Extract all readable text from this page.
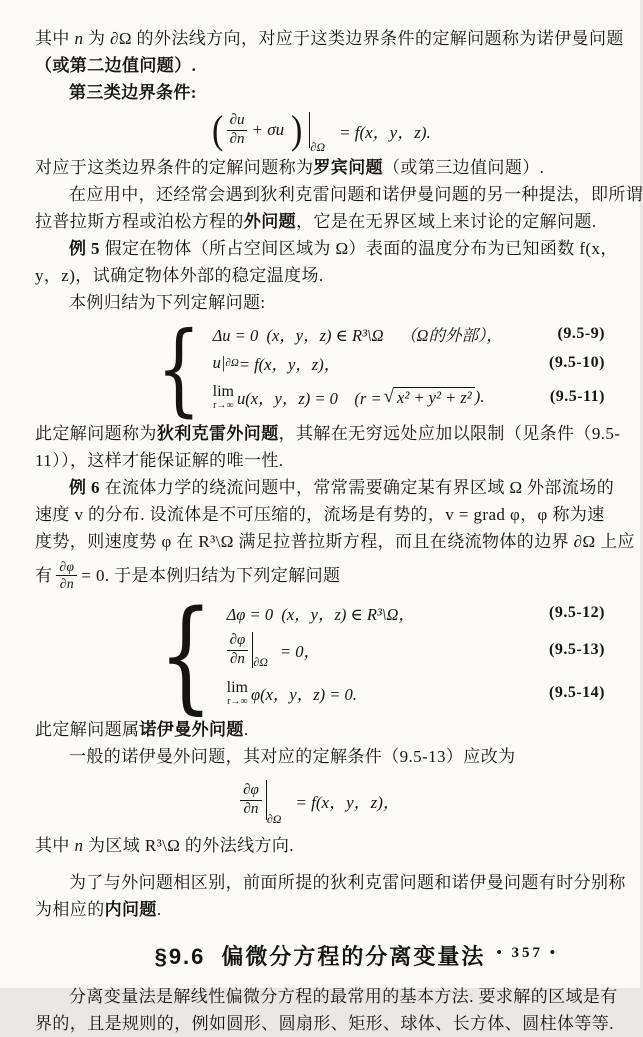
其中 n 为 ∂Ω 的外法线方向，对应于这类边界条件的定解问题称为诺伊曼问题
（或第二边值问题）.
第三类边界条件:
( $\frac{\partial u}{\partial n} + \sigma u$ ) ∂Ω
= f(x，y，z).
对应于这类边界条件的定解问题称为罗宾问题（或第三边值问题）.
在应用中，还经常会遇到狄利克雷问题和诺伊曼问题的另一种提法，即所谓
拉普拉斯方程或泊松方程的外问题，它是在无界区域上来讨论的定解问题.
例 5 假定在物体（所占空间区域为 Ω）表面的温度分布为已知函数 f(x，
y，z)，试确定物体外部的稳定温度场.
本例归结为下列定解问题:
{ Δu = 0 (x，y，z) ∈ R³\Ω  （Ω的外部），	(9.5-9)
u| ∂Ω = f(x，y，z)，	(9.5-10)
lim
r→∞ u(x，y，z) = 0  (r = √ x² + y² + z² ).	(9.5-11)
此定解问题称为狄利克雷外问题，其解在无穷远处应加以限制（见条件（9.5-
11）），这样才能保证解的唯一性.
例 6 在流体力学的绕流问题中，常常需要确定某有界区域 Ω 外部流场的
速度 v 的分布. 设流体是不可压缩的，流场是有势的，v = grad φ，φ 称为速
度势，则速度势 φ 在 R³\Ω 满足拉普拉斯方程，而且在绕流物体的边界 ∂Ω 上应
有 $\frac{\partial\varphi}{\partial n} = 0$. 于是本例归结为下列定解问题
{ Δφ = 0 (x，y，z) ∈ R³\Ω，	(9.5-12)
$\frac{\partial\varphi}{\partial n} \partial\Omega$
= 0，	(9.5-13)
lim
r→∞ φ(x，y，z) = 0.	(9.5-14)
此定解问题属诺伊曼外问题.
一般的诺伊曼外问题，其对应的定解条件（9.5-13）应改为
$\frac{\partial\varphi}{\partial n}$
∂Ω
= f(x，y，z)，
其中 n 为区域 R³\Ω 的外法线方向.
为了与外问题相区别，前面所提的狄利克雷问题和诺伊曼问题有时分别称
为相应的内问题.
§9.6 偏微分方程的分离变量法
分离变量法是解线性偏微分方程的最常用的基本方法. 要求解的区域是有
界的，且是规则的，例如圆形、圆扇形、矩形、球体、长方体、圆柱体等等.
• 357 •
